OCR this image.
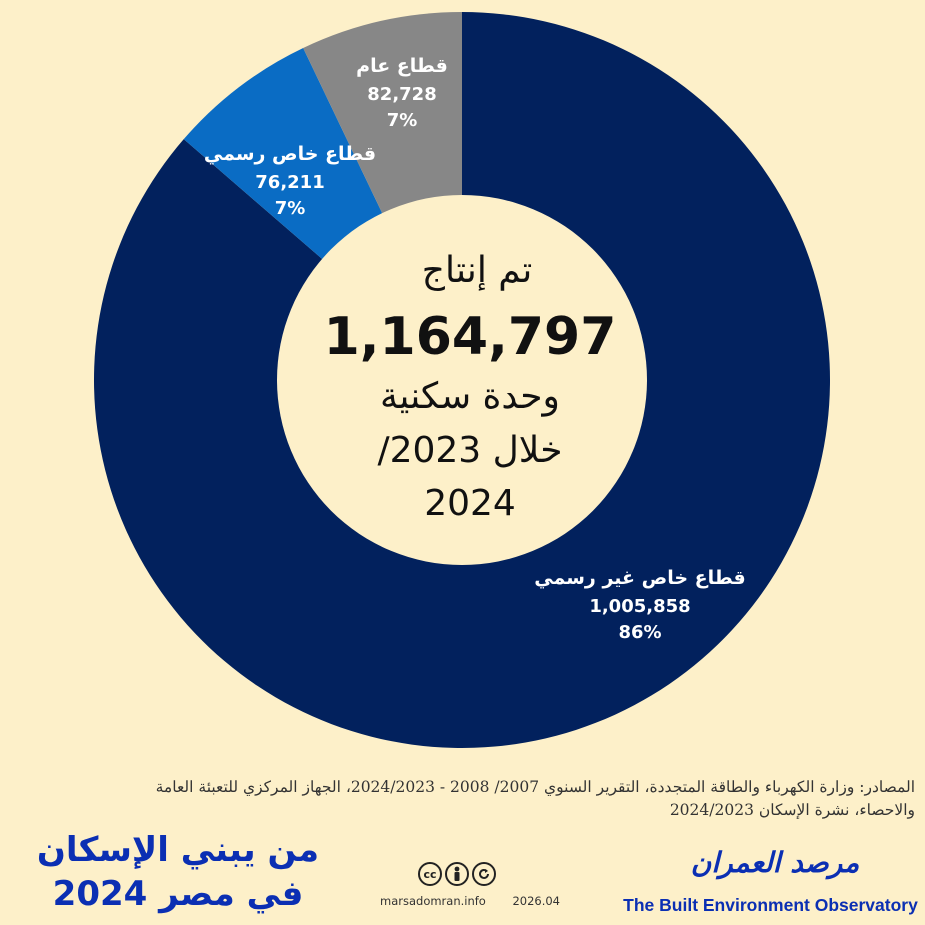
قطاع خاص غير رسمي
1,005,858
86%
قطاع خاص رسمي
76,211
7%
قطاع عام
82,728
7%
تم إنتاج
1,164,797
وحدة سكنية
خلال 2023/
2024
المصادر: وزارة الكهرباء والطاقة المتجددة، التقرير السنوي 2007/ 2008 - 2024/2023، الجهاز المركزي للتعبئة العامة
والاحصاء، نشرة الإسكان 2024/2023
من يبني الإسكان
في مصر 2024	cc
marsadomran.info 2026.04
مرصد العمران
The Built Environment Observatory
